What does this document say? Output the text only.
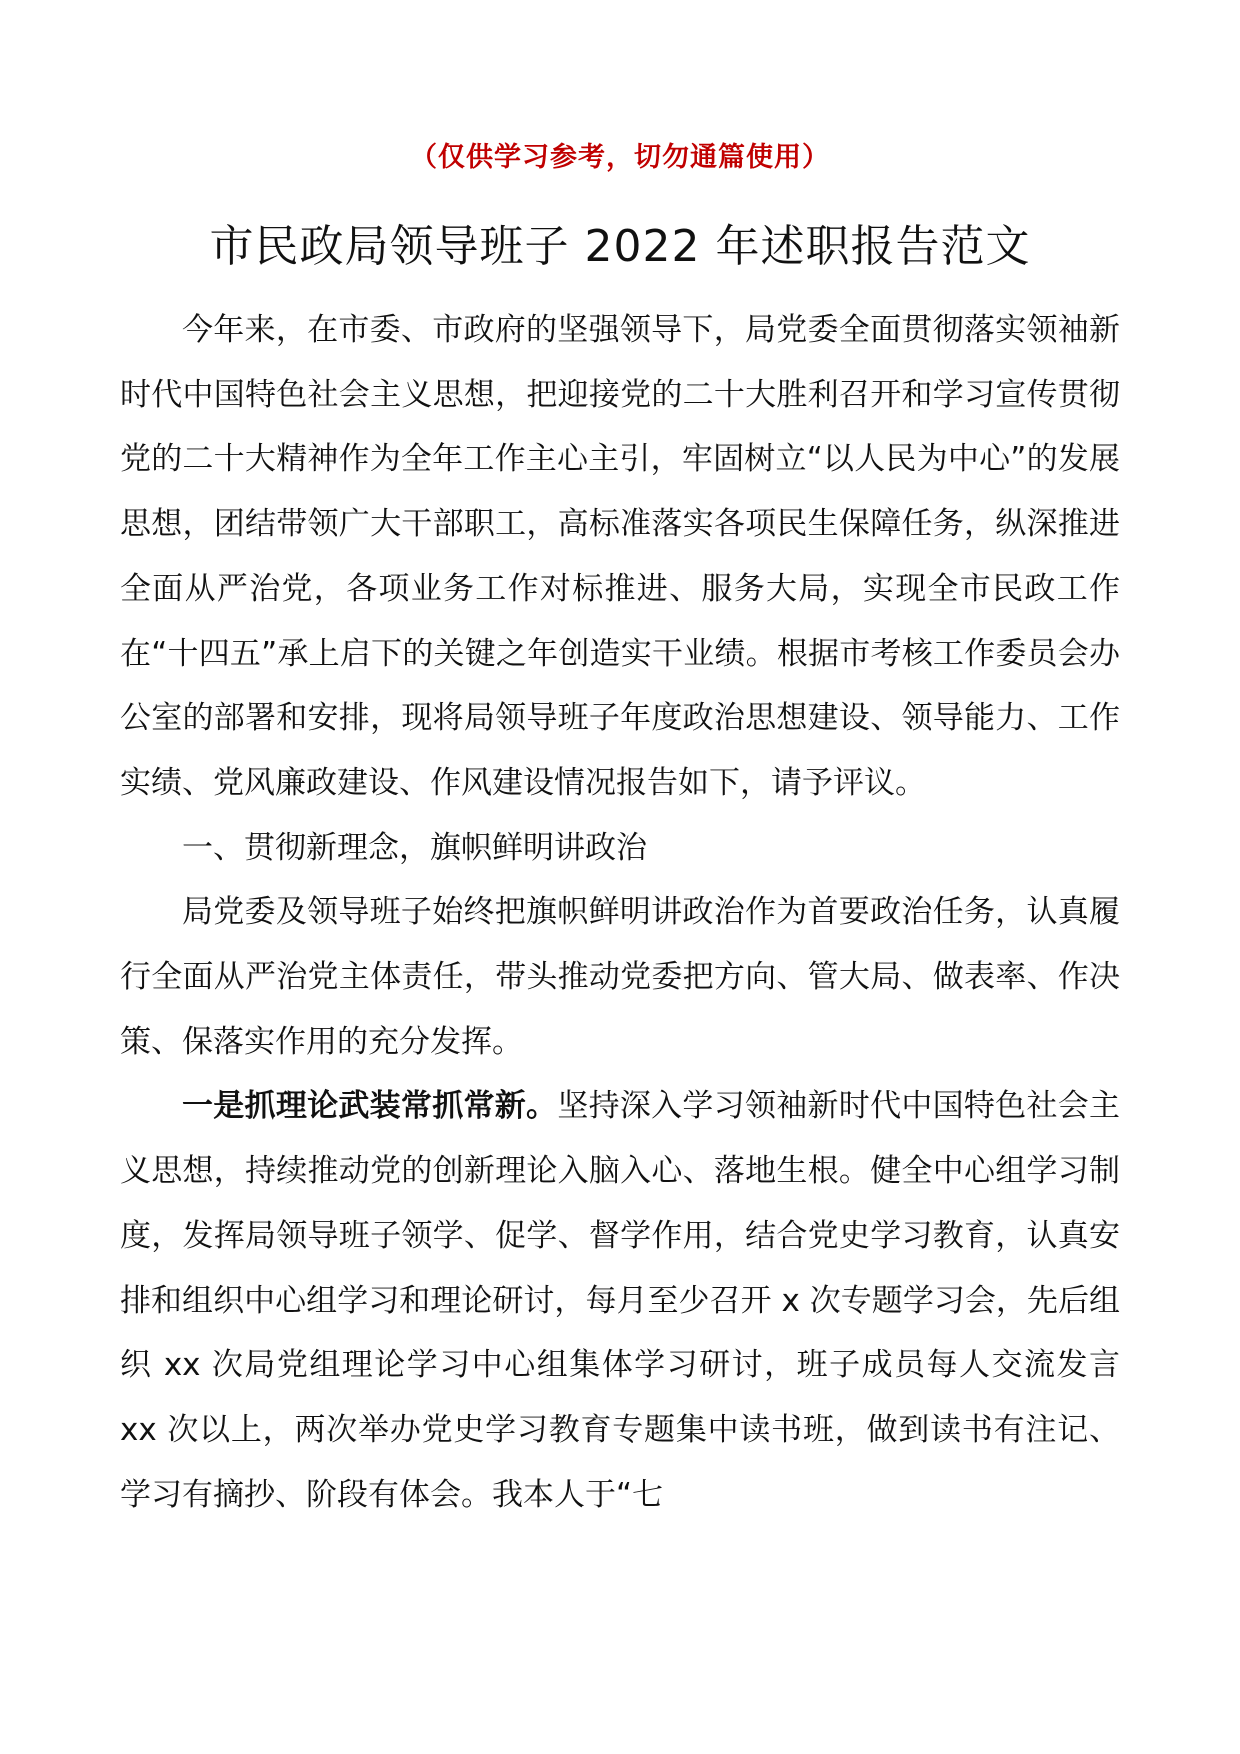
（仅供学习参考，切勿通篇使用）
市民政局领导班子 2022 年述职报告范文

今年来，在市委、市政府的坚强领导下，局党委全面贯彻落实领袖新时代中国特色社会主义思想，把迎接党的二十大胜利召开和学习宣传贯彻党的二十大精神作为全年工作主心主引，牢固树立“以人民为中心”的发展思想，团结带领广大干部职工，高标准落实各项民生保障任务，纵深推进全面从严治党，各项业务工作对标推进、服务大局，实现全市民政工作在“十四五”承上启下的关键之年创造实干业绩。根据市考核工作委员会办公室的部署和安排，现将局领导班子年度政治思想建设、领导能力、工作实绩、党风廉政建设、作风建设情况报告如下，请予评议。

一、贯彻新理念，旗帜鲜明讲政治

局党委及领导班子始终把旗帜鲜明讲政治作为首要政治任务，认真履行全面从严治党主体责任，带头推动党委把方向、管大局、做表率、作决策、保落实作用的充分发挥。

一是抓理论武装常抓常新。坚持深入学习领袖新时代中国特色社会主义思想，持续推动党的创新理论入脑入心、落地生根。健全中心组学习制度，发挥局领导班子领学、促学、督学作用，结合党史学习教育，认真安排和组织中心组学习和理论研讨，每月至少召开 x 次专题学习会，先后组织 xx 次局党组理论学习中心组集体学习研讨，班子成员每人交流发言 xx 次以上，两次举办党史学习教育专题集中读书班，做到读书有注记、学习有摘抄、阶段有体会。我本人于“七
